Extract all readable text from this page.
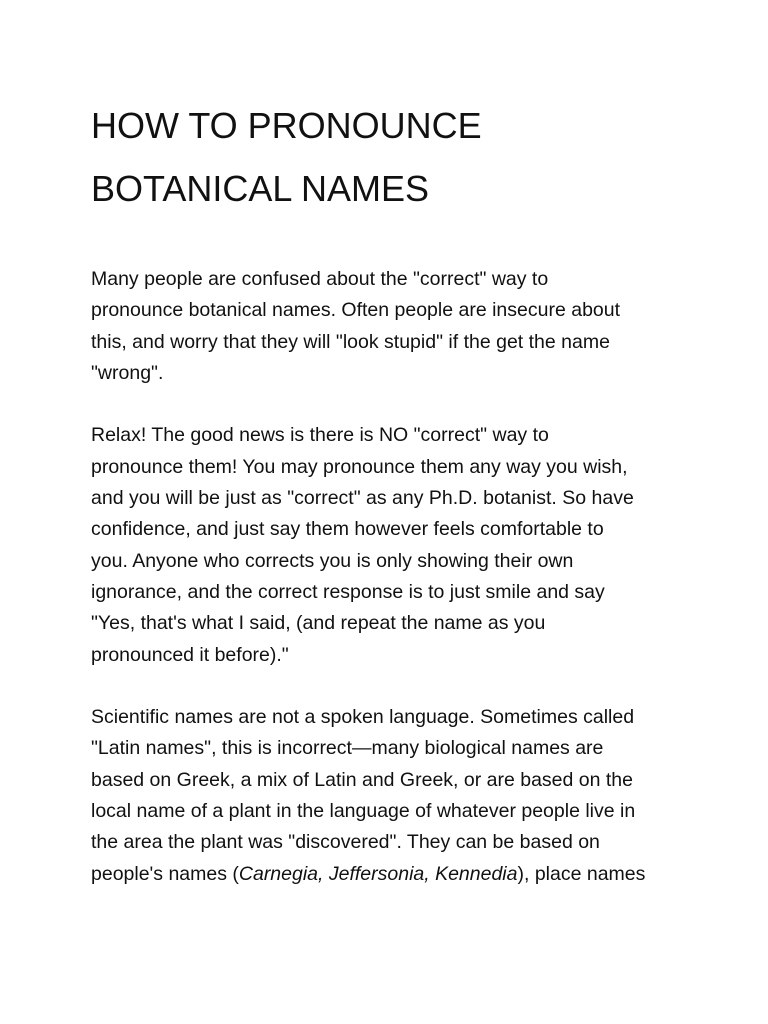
HOW TO PRONOUNCE
BOTANICAL NAMES

Many people are confused about the "correct" way to
pronounce botanical names. Often people are insecure about
this, and worry that they will "look stupid" if the get the name
"wrong".

Relax! The good news is there is NO "correct" way to
pronounce them! You may pronounce them any way you wish,
and you will be just as "correct" as any Ph.D. botanist. So have
confidence, and just say them however feels comfortable to
you. Anyone who corrects you is only showing their own
ignorance, and the correct response is to just smile and say
"Yes, that's what I said, (and repeat the name as you
pronounced it before)."

Scientific names are not a spoken language. Sometimes called
"Latin names", this is incorrect—many biological names are
based on Greek, a mix of Latin and Greek, or are based on the
local name of a plant in the language of whatever people live in
the area the plant was "discovered". They can be based on
people's names (Carnegia, Jeffersonia, Kennedia), place names
